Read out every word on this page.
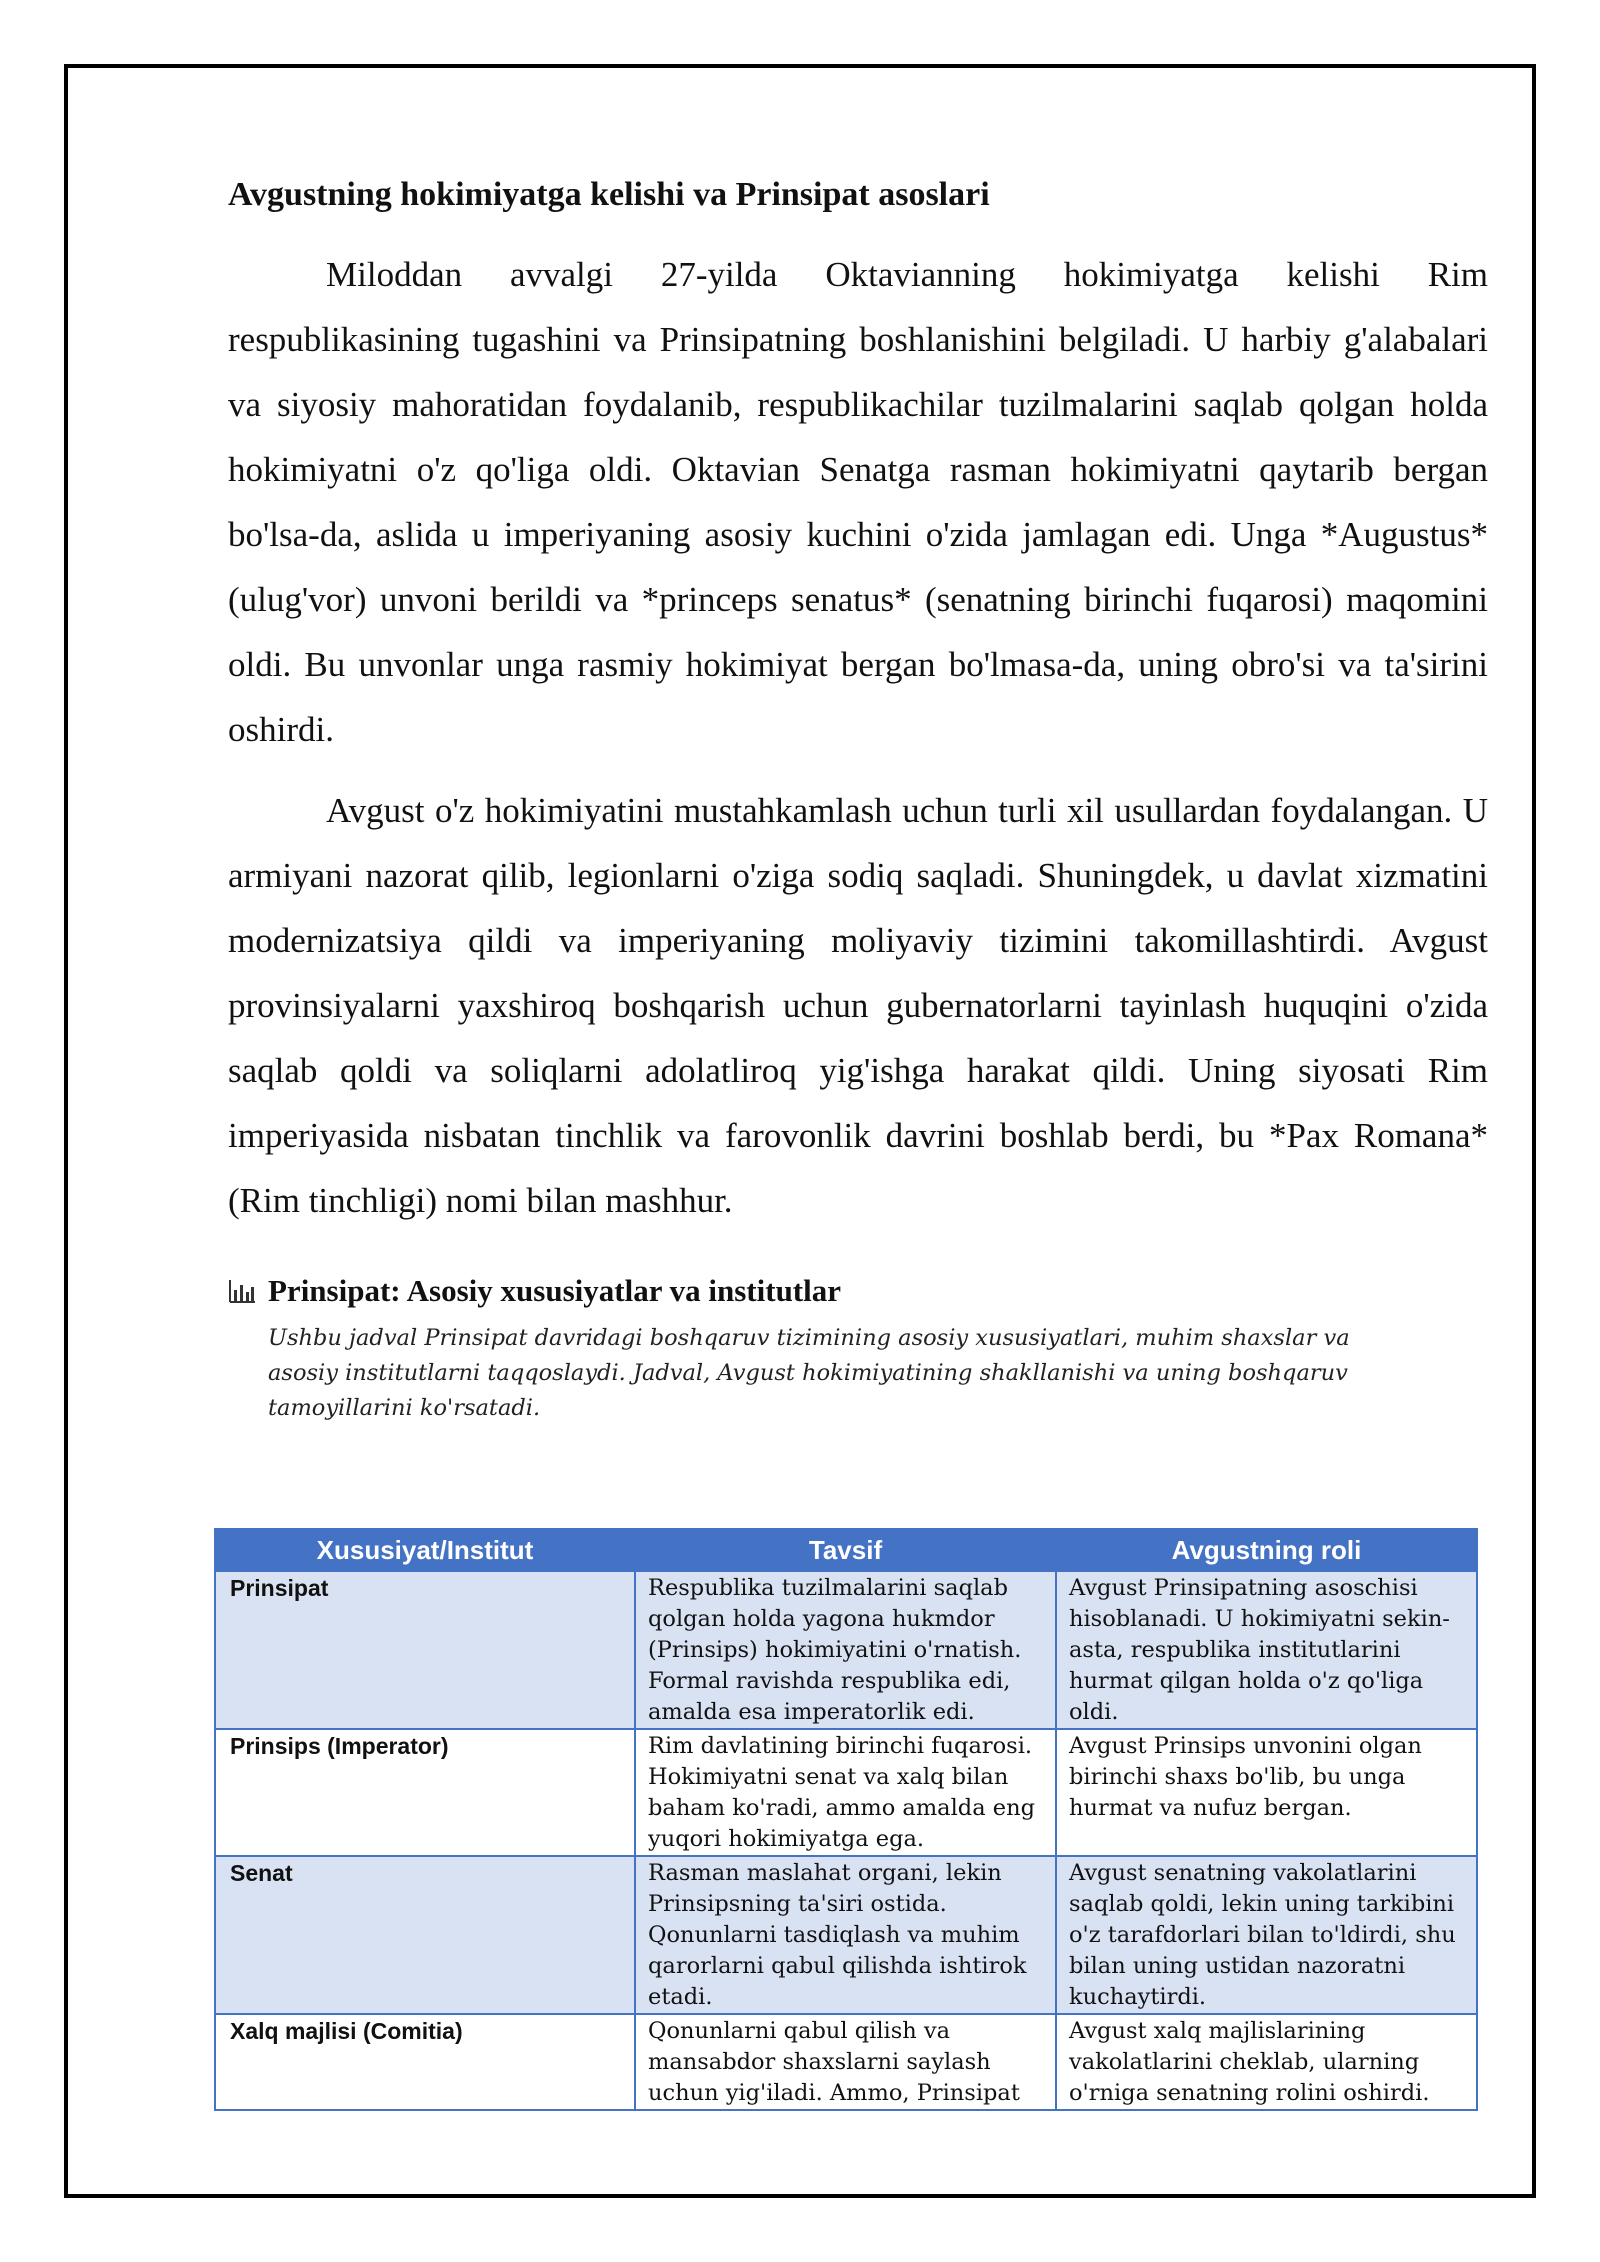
Avgustning hokimiyatga kelishi va Prinsipat asoslari

Miloddan avvalgi 27-yilda Oktavianning hokimiyatga kelishi Rim respublikasining tugashini va Prinsipatning boshlanishini belgiladi. U harbiy g'alabalari va siyosiy mahoratidan foydalanib, respublikachilar tuzilmalarini saqlab qolgan holda hokimiyatni o'z qo'liga oldi. Oktavian Senatga rasman hokimiyatni qaytarib bergan bo'lsa-da, aslida u imperiyaning asosiy kuchini o'zida jamlagan edi. Unga *Augustus* (ulug'vor) unvoni berildi va *princeps senatus* (senatning birinchi fuqarosi) maqomini oldi. Bu unvonlar unga rasmiy hokimiyat bergan bo'lmasa-da, uning obro'si va ta'sirini oshirdi.

Avgust o'z hokimiyatini mustahkamlash uchun turli xil usullardan foydalangan. U armiyani nazorat qilib, legionlarni o'ziga sodiq saqladi. Shuningdek, u davlat xizmatini modernizatsiya qildi va imperiyaning moliyaviy tizimini takomillashtirdi. Avgust provinsiyalarni yaxshiroq boshqarish uchun gubernatorlarni tayinlash huquqini o'zida saqlab qoldi va soliqlarni adolatliroq yig'ishga harakat qildi. Uning siyosati Rim imperiyasida nisbatan tinchlik va farovonlik davrini boshlab berdi, bu *Pax Romana* (Rim tinchligi) nomi bilan mashhur.

Prinsipat: Asosiy xususiyatlar va institutlar

Ushbu jadval Prinsipat davridagi boshqaruv tizimining asosiy xususiyatlari, muhim shaxslar va asosiy institutlarni taqqoslaydi. Jadval, Avgust hokimiyatining shakllanishi va uning boshqaruv tamoyillarini ko'rsatadi.

Xususiyat/Institut	Tavsif	Avgustning roli
Prinsipat	Respublika tuzilmalarini saqlab qolgan holda yagona hukmdor (Prinsips) hokimiyatini o'rnatish. Formal ravishda respublika edi, amalda esa imperatorlik edi.	Avgust Prinsipatning asoschisi hisoblanadi. U hokimiyatni sekin-asta, respublika institutlarini hurmat qilgan holda o'z qo'liga oldi.
Prinsips (Imperator)	Rim davlatining birinchi fuqarosi. Hokimiyatni senat va xalq bilan baham ko'radi, ammo amalda eng yuqori hokimiyatga ega.	Avgust Prinsips unvonini olgan birinchi shaxs bo'lib, bu unga hurmat va nufuz bergan.
Senat	Rasman maslahat organi, lekin Prinsipsning ta'siri ostida. Qonunlarni tasdiqlash va muhim qarorlarni qabul qilishda ishtirok etadi.	Avgust senatning vakolatlarini saqlab qoldi, lekin uning tarkibini o'z tarafdorlari bilan to'ldirdi, shu bilan uning ustidan nazoratni kuchaytirdi.
Xalq majlisi (Comitia)	Qonunlarni qabul qilish va mansabdor shaxslarni saylash uchun yig'iladi. Ammo, Prinsipat	Avgust xalq majlislarining vakolatlarini cheklab, ularning o'rniga senatning rolini oshirdi.
